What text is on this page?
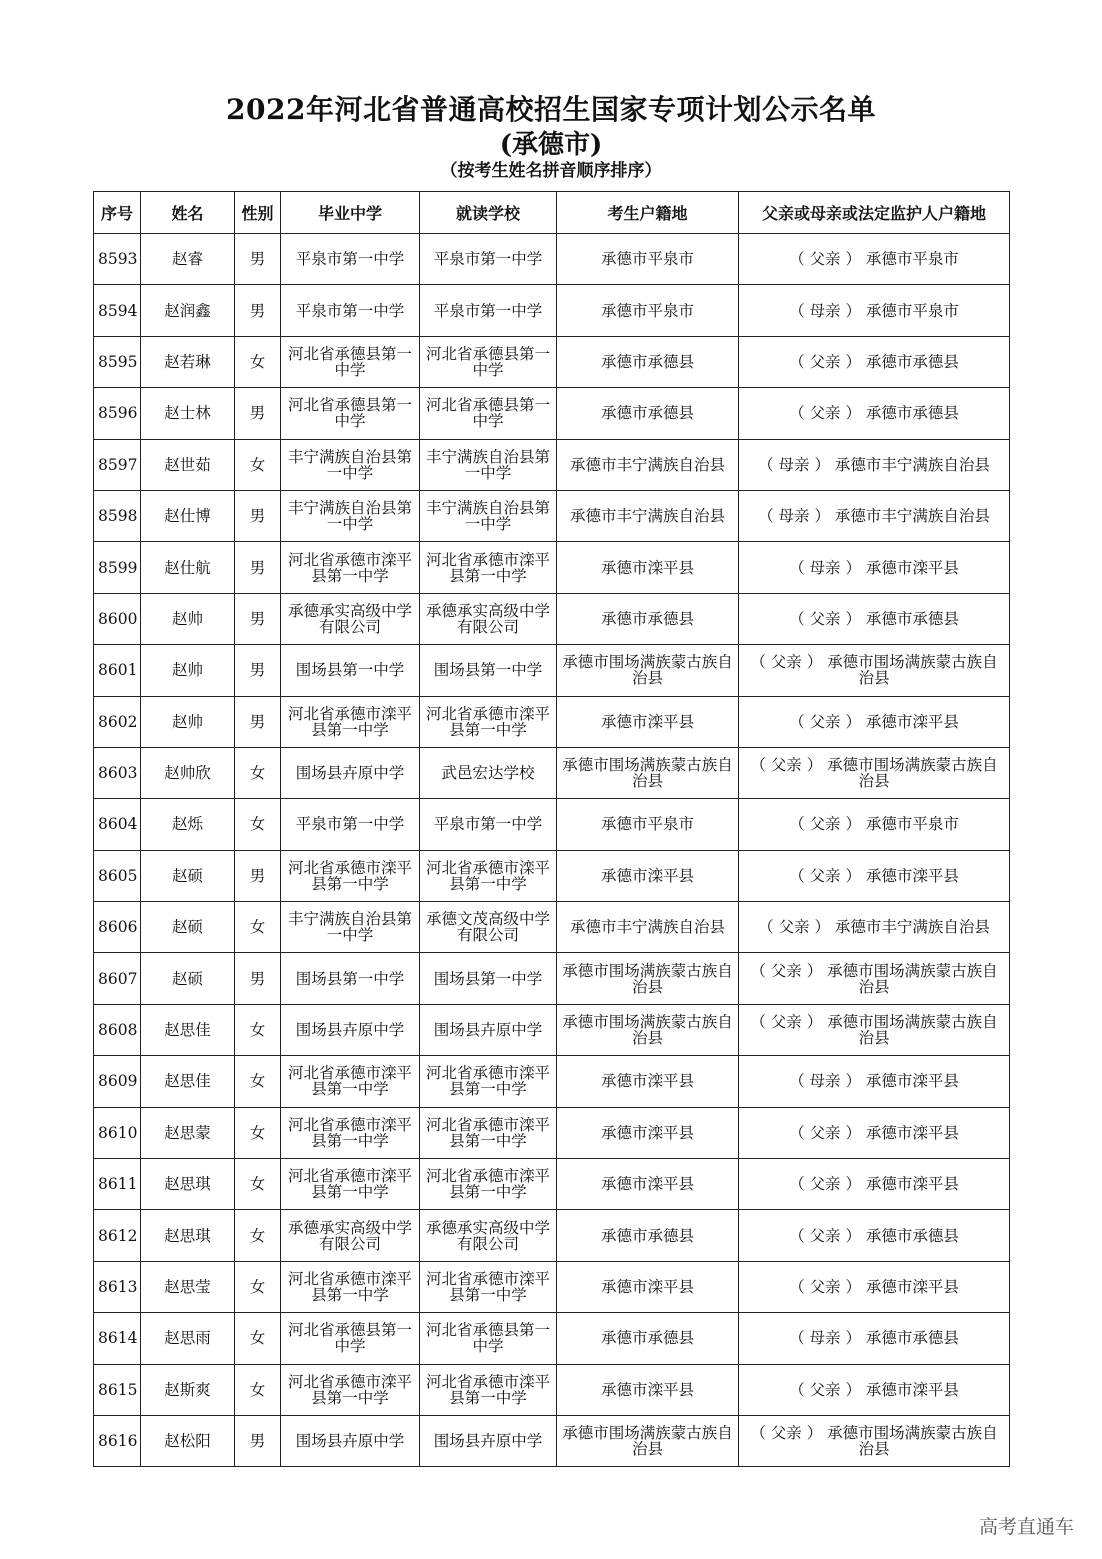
2022年河北省普通高校招生国家专项计划公示名单
(承德市)
（按考生姓名拼音顺序排序）
序号	姓名	性别	毕业中学	就读学校	考生户籍地	父亲或母亲或法定监护人户籍地
8593	赵睿	男	平泉市第一中学	平泉市第一中学	承德市平泉市	（ 父亲 ） 承德市平泉市
8594	赵润鑫	男	平泉市第一中学	平泉市第一中学	承德市平泉市	（ 母亲 ） 承德市平泉市
8595	赵若琳	女	河北省承德县第一中学	河北省承德县第一中学	承德市承德县	（ 父亲 ） 承德市承德县
8596	赵士林	男	河北省承德县第一中学	河北省承德县第一中学	承德市承德县	（ 父亲 ） 承德市承德县
8597	赵世茹	女	丰宁满族自治县第一中学	丰宁满族自治县第一中学	承德市丰宁满族自治县	（ 母亲 ） 承德市丰宁满族自治县
8598	赵仕博	男	丰宁满族自治县第一中学	丰宁满族自治县第一中学	承德市丰宁满族自治县	（ 母亲 ） 承德市丰宁满族自治县
8599	赵仕航	男	河北省承德市滦平县第一中学	河北省承德市滦平县第一中学	承德市滦平县	（ 母亲 ） 承德市滦平县
8600	赵帅	男	承德承实高级中学有限公司	承德承实高级中学有限公司	承德市承德县	（ 父亲 ） 承德市承德县
8601	赵帅	男	围场县第一中学	围场县第一中学	承德市围场满族蒙古族自治县	（ 父亲 ） 承德市围场满族蒙古族自治县
8602	赵帅	男	河北省承德市滦平县第一中学	河北省承德市滦平县第一中学	承德市滦平县	（ 父亲 ） 承德市滦平县
8603	赵帅欣	女	围场县卉原中学	武邑宏达学校	承德市围场满族蒙古族自治县	（ 父亲 ） 承德市围场满族蒙古族自治县
8604	赵烁	女	平泉市第一中学	平泉市第一中学	承德市平泉市	（ 父亲 ） 承德市平泉市
8605	赵硕	男	河北省承德市滦平县第一中学	河北省承德市滦平县第一中学	承德市滦平县	（ 父亲 ） 承德市滦平县
8606	赵硕	女	丰宁满族自治县第一中学	承德文茂高级中学有限公司	承德市丰宁满族自治县	（ 父亲 ） 承德市丰宁满族自治县
8607	赵硕	男	围场县第一中学	围场县第一中学	承德市围场满族蒙古族自治县	（ 父亲 ） 承德市围场满族蒙古族自治县
8608	赵思佳	女	围场县卉原中学	围场县卉原中学	承德市围场满族蒙古族自治县	（ 父亲 ） 承德市围场满族蒙古族自治县
8609	赵思佳	女	河北省承德市滦平县第一中学	河北省承德市滦平县第一中学	承德市滦平县	（ 母亲 ） 承德市滦平县
8610	赵思蒙	女	河北省承德市滦平县第一中学	河北省承德市滦平县第一中学	承德市滦平县	（ 父亲 ） 承德市滦平县
8611	赵思琪	女	河北省承德市滦平县第一中学	河北省承德市滦平县第一中学	承德市滦平县	（ 父亲 ） 承德市滦平县
8612	赵思琪	女	承德承实高级中学有限公司	承德承实高级中学有限公司	承德市承德县	（ 父亲 ） 承德市承德县
8613	赵思莹	女	河北省承德市滦平县第一中学	河北省承德市滦平县第一中学	承德市滦平县	（ 父亲 ） 承德市滦平县
8614	赵思雨	女	河北省承德县第一中学	河北省承德县第一中学	承德市承德县	（ 母亲 ） 承德市承德县
8615	赵斯爽	女	河北省承德市滦平县第一中学	河北省承德市滦平县第一中学	承德市滦平县	（ 父亲 ） 承德市滦平县
8616	赵松阳	男	围场县卉原中学	围场县卉原中学	承德市围场满族蒙古族自治县	（ 父亲 ） 承德市围场满族蒙古族自治县
高考直通车
